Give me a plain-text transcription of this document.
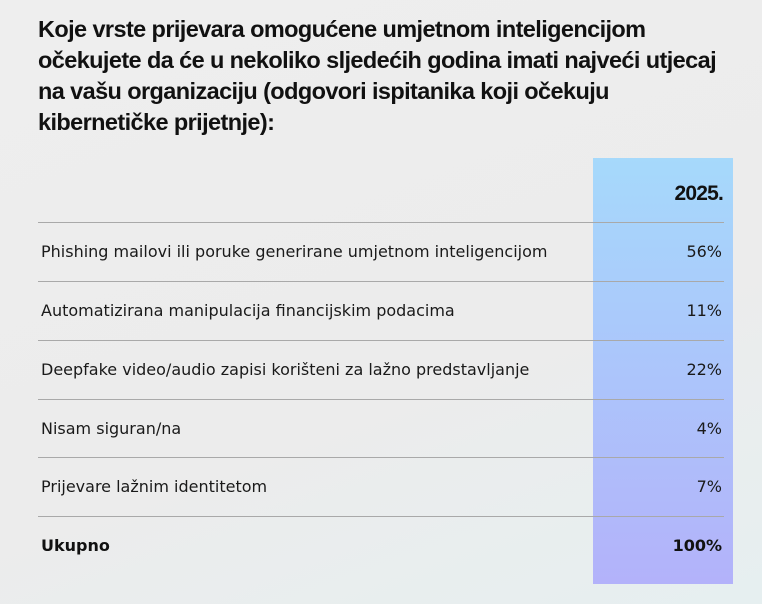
Koje vrste prijevara omogućene umjetnom inteligencijom očekujete da će u nekoliko sljedećih godina imati najveći utjecaj na vašu organizaciju (odgovori ispitanika koji očekuju kibernetičke prijetnje):
2025.
Phishing mailovi ili poruke generirane umjetnom inteligencijom	56%
Automatizirana manipulacija financijskim podacima	11%
Deepfake video/audio zapisi korišteni za lažno predstavljanje	22%
Nisam siguran/na	4%
Prijevare lažnim identitetom	7%
Ukupno	100%
